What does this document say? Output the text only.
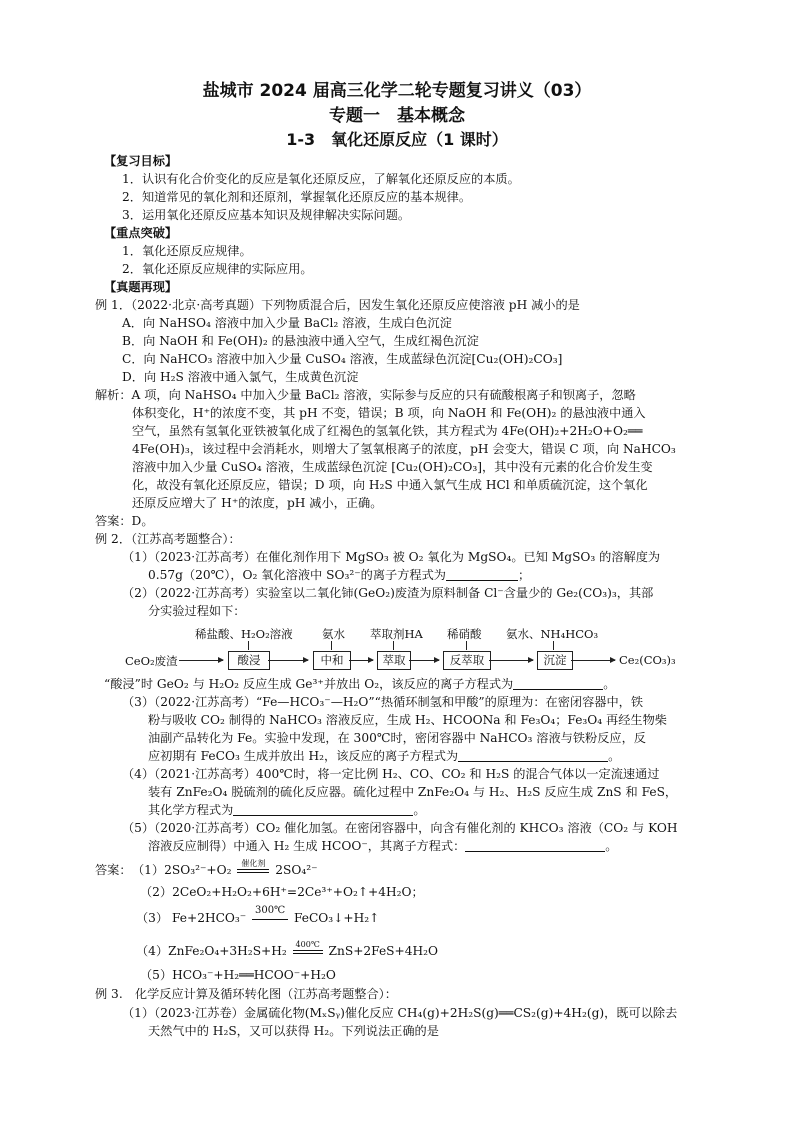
盐城市 2024 届高三化学二轮专题复习讲义（03）
专题一　基本概念
1-3　氧化还原反应（1 课时）
【复习目标】
1．认识有化合价变化的反应是氧化还原反应，了解氧化还原反应的本质。
2．知道常见的氧化剂和还原剂，掌握氧化还原反应的基本规律。
3．运用氧化还原反应基本知识及规律解决实际问题。
【重点突破】
1．氧化还原反应规律。
2．氧化还原反应规律的实际应用。
【真题再现】
例 1．（2022·北京·高考真题）下列物质混合后，因发生氧化还原反应使溶液 pH 减小的是
A．向 NaHSO₄ 溶液中加入少量 BaCl₂ 溶液，生成白色沉淀
B．向 NaOH 和 Fe(OH)₂ 的悬浊液中通入空气，生成红褐色沉淀
C．向 NaHCO₃ 溶液中加入少量 CuSO₄ 溶液，生成蓝绿色沉淀[Cu₂(OH)₂CO₃]
D．向 H₂S 溶液中通入氯气，生成黄色沉淀
解析：A 项，向 NaHSO₄ 中加入少量 BaCl₂ 溶液，实际参与反应的只有硫酸根离子和钡离子，忽略
体积变化，H⁺的浓度不变，其 pH 不变，错误；B 项，向 NaOH 和 Fe(OH)₂ 的悬浊液中通入
空气，虽然有氢氧化亚铁被氧化成了红褐色的氢氧化铁，其方程式为 4Fe(OH)₂+2H₂O+O₂══
4Fe(OH)₃，该过程中会消耗水，则增大了氢氧根离子的浓度，pH 会变大，错误 C 项，向 NaHCO₃
溶液中加入少量 CuSO₄ 溶液，生成蓝绿色沉淀 [Cu₂(OH)₂CO₃]，其中没有元素的化合价发生变
化，故没有氧化还原反应，错误；D 项，向 H₂S 中通入氯气生成 HCl 和单质硫沉淀，这个氧化
还原反应增大了 H⁺的浓度，pH 减小，正确。
答案：D。
例 2．（江苏高考题整合）：
（1）（2023·江苏高考）在催化剂作用下 MgSO₃ 被 O₂ 氧化为 MgSO₄。已知 MgSO₃ 的溶解度为
0.57g（20℃），O₂ 氧化溶液中 SO₃²⁻的离子方程式为	；
（2）（2022·江苏高考）实验室以二氧化铈(GeO₂)废渣为原料制备 Cl⁻含量少的 Ge₂(CO₃)₃，其部
分实验过程如下：
稀盐酸、H₂O₂溶液	氨水 萃取剂HA 稀硝酸 氨水、NH₄HCO₃
CeO₂废渣	酸浸	中和	萃取	反萃取	沉淀	Ce₂(CO₃)₃
“酸浸”时 GeO₂ 与 H₂O₂ 反应生成 Ge³⁺并放出 O₂，该反应的离子方程式为	。
（3）（2022·江苏高考）“Fe—HCO₃⁻—H₂O”“热循环制氢和甲酸”的原理为：在密闭容器中，铁
粉与吸收 CO₂ 制得的 NaHCO₃ 溶液反应，生成 H₂、HCOONa 和 Fe₃O₄；Fe₃O₄ 再经生物柴
油副产品转化为 Fe。实验中发现，在 300℃时，密闭容器中 NaHCO₃ 溶液与铁粉反应，反
应初期有 FeCO₃ 生成并放出 H₂，该反应的离子方程式为	。
（4）（2021·江苏高考）400℃时，将一定比例 H₂、CO、CO₂ 和 H₂S 的混合气体以一定流速通过
装有 ZnFe₂O₄ 脱硫剂的硫化反应器。硫化过程中 ZnFe₂O₄ 与 H₂、H₂S 反应生成 ZnS 和 FeS，
其化学方程式为	。
（5）（2020·江苏高考）CO₂ 催化加氢。在密闭容器中，向含有催化剂的 KHCO₃ 溶液（CO₂ 与 KOH
溶液反应制得）中通入 H₂ 生成 HCOO⁻，其离子方程式：	。
答案： （1）2SO₃²⁻+O₂	催化剂 2SO₄²⁻
（2）2CeO₂+H₂O₂+6H⁺=2Ce³⁺+O₂↑+4H₂O；
（3） Fe+2HCO₃⁻
300℃
FeCO₃↓+H₂↑
（4）ZnFe₂O₄+3H₂S+H₂	400℃ ZnS+2FeS+4H₂O
（5）HCO₃⁻+H₂══HCOO⁻+H₂O
例 3.　化学反应计算及循环转化图（江苏高考题整合）：
（1）（2023·江苏卷）金属硫化物(MₓSᵧ)催化反应 CH₄(g)+2H₂S(g)══CS₂(g)+4H₂(g)，既可以除去
天然气中的 H₂S，又可以获得 H₂。下列说法正确的是
